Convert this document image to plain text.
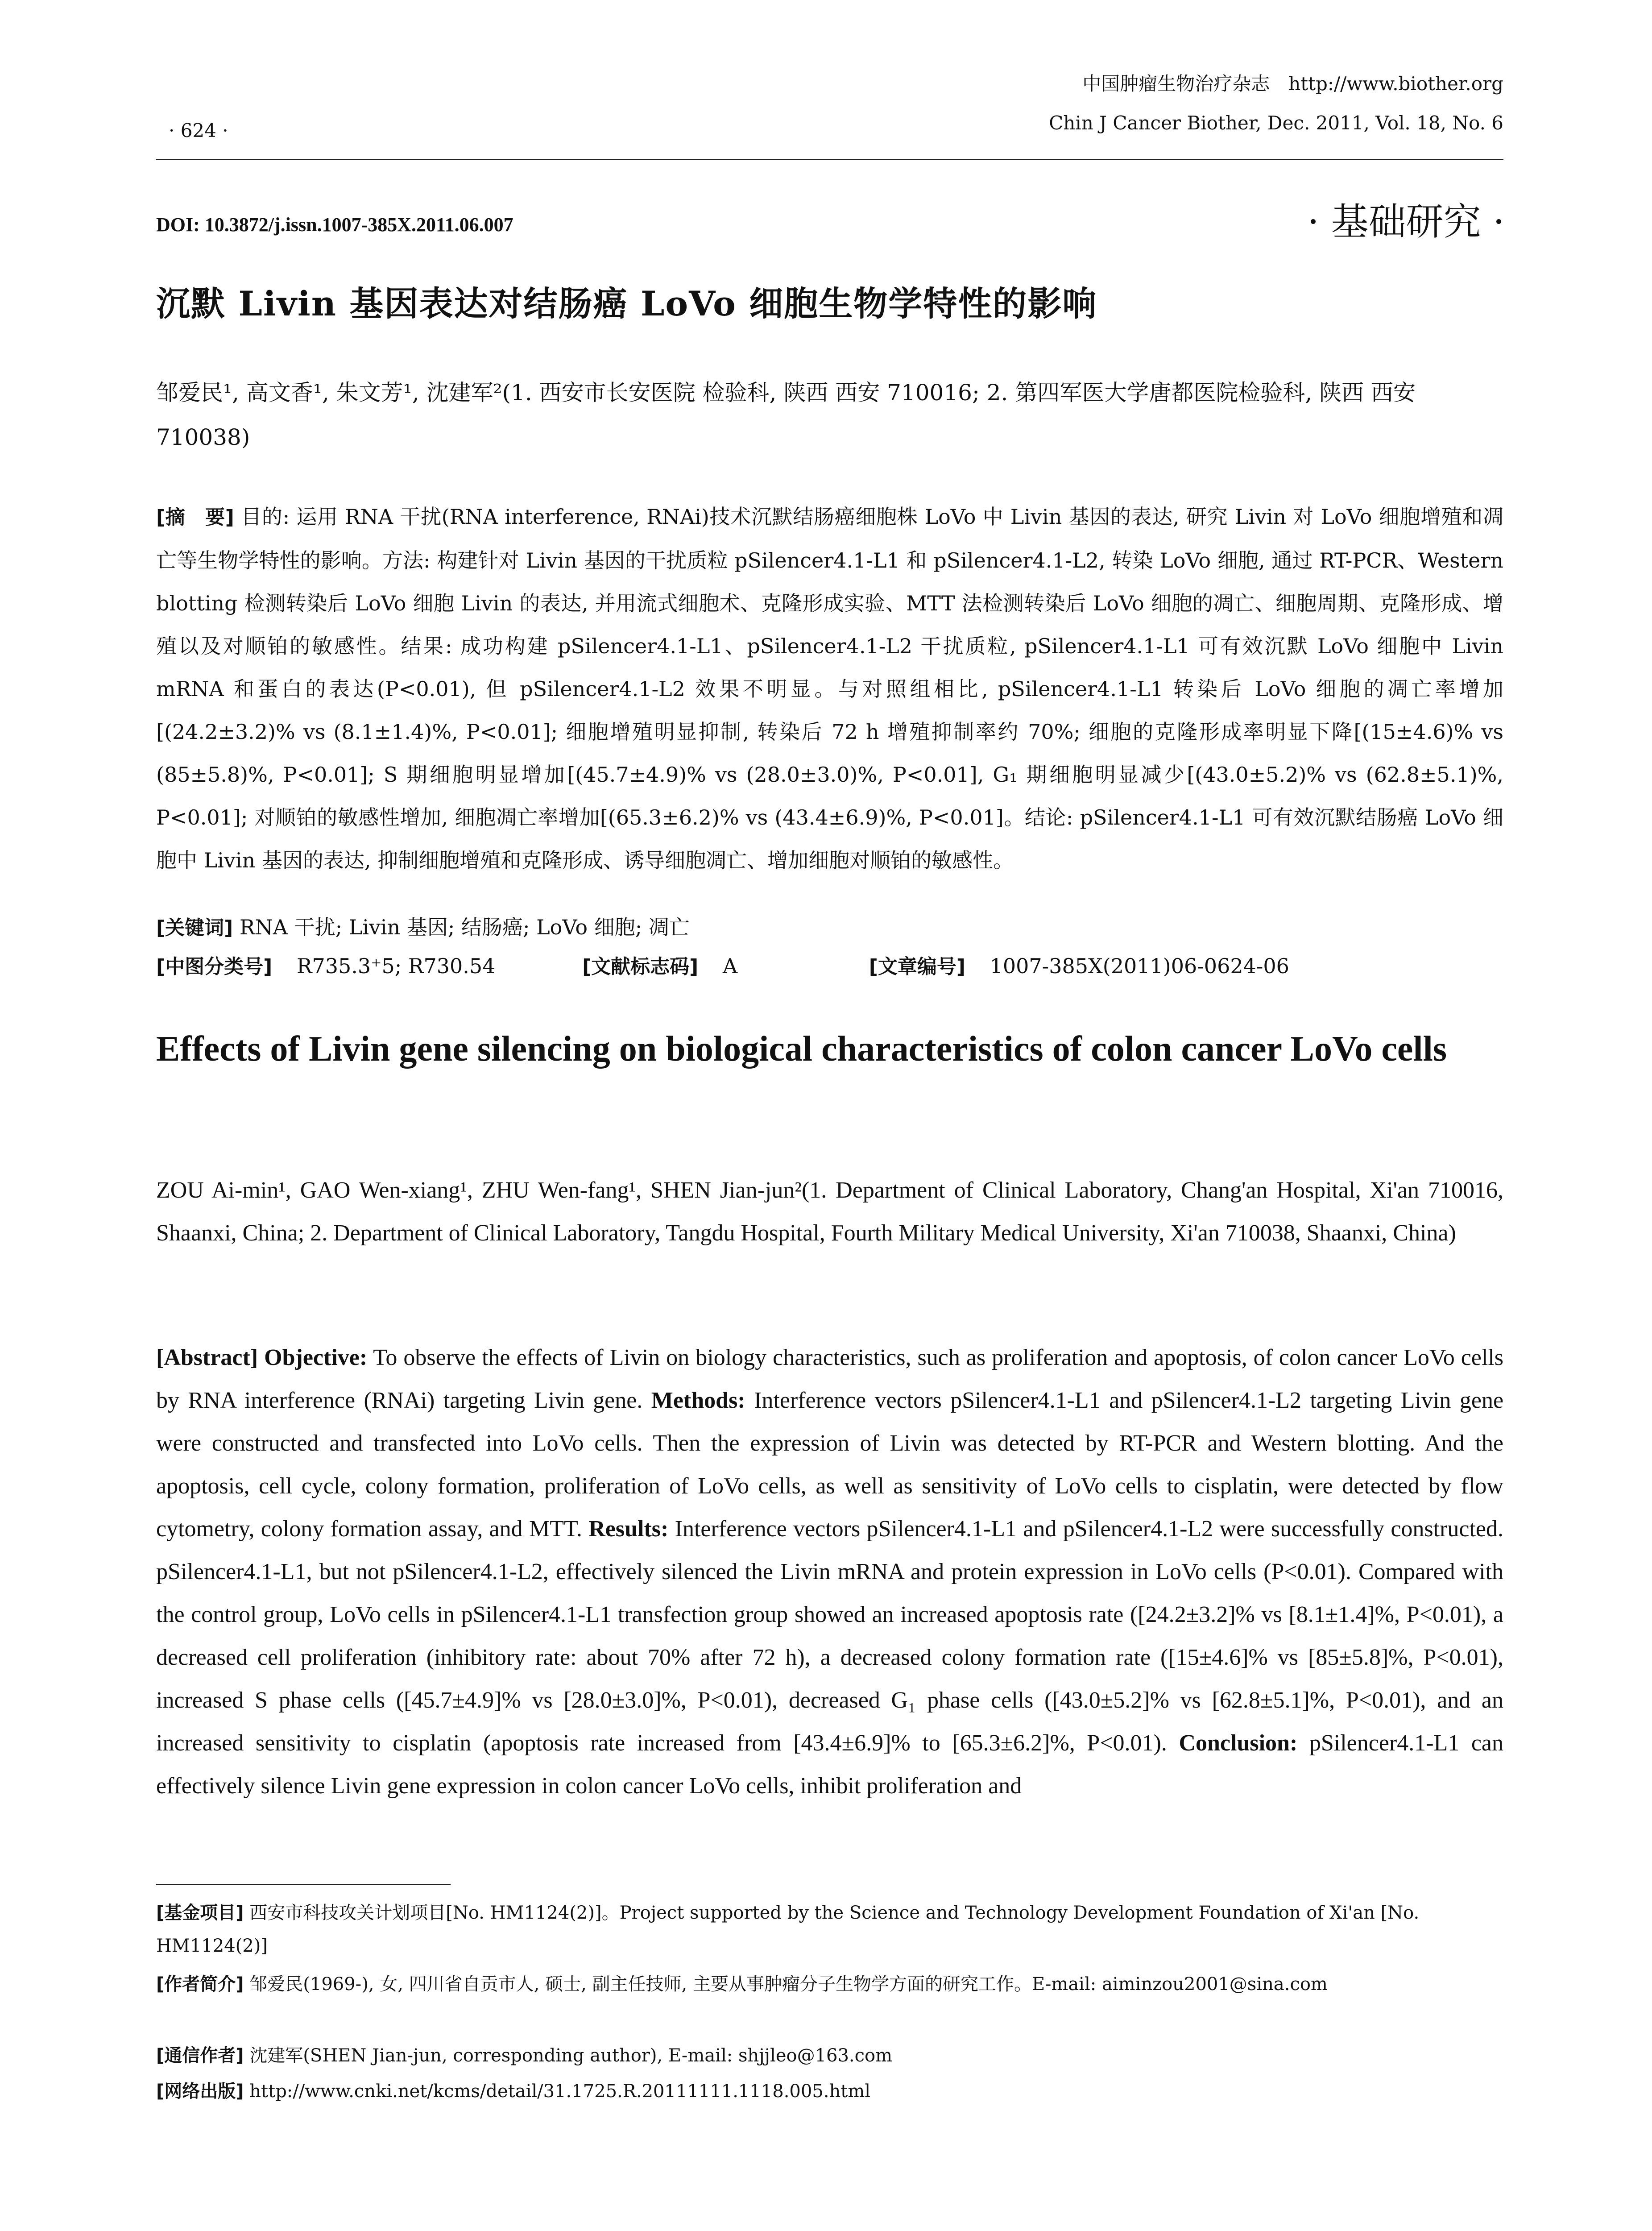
中国肿瘤生物治疗杂志　http://www.biother.org
Chin J Cancer Biother, Dec. 2011, Vol. 18, No. 6
· 624 ·
DOI: 10.3872/j.issn.1007-385X.2011.06.007	· 基础研究 ·
沉默 Livin 基因表达对结肠癌 LoVo 细胞生物学特性的影响
邹爱民¹, 高文香¹, 朱文芳¹, 沈建军²(1. 西安市长安医院 检验科, 陕西 西安 710016; 2. 第四军医大学唐都医院检验科, 陕西 西安 710038)
[摘　要] 目的: 运用 RNA 干扰(RNA interference, RNAi)技术沉默结肠癌细胞株 LoVo 中 Livin 基因的表达, 研究 Livin 对 LoVo 细胞增殖和凋亡等生物学特性的影响。方法: 构建针对 Livin 基因的干扰质粒 pSilencer4.1-L1 和 pSilencer4.1-L2, 转染 LoVo 细胞, 通过 RT-PCR、Western blotting 检测转染后 LoVo 细胞 Livin 的表达, 并用流式细胞术、克隆形成实验、MTT 法检测转染后 LoVo 细胞的凋亡、细胞周期、克隆形成、增殖以及对顺铂的敏感性。结果: 成功构建 pSilencer4.1-L1、pSilencer4.1-L2 干扰质粒, pSilencer4.1-L1 可有效沉默 LoVo 细胞中 Livin mRNA 和蛋白的表达(P<0.01), 但 pSilencer4.1-L2 效果不明显。与对照组相比, pSilencer4.1-L1 转染后 LoVo 细胞的凋亡率增加[(24.2±3.2)% vs (8.1±1.4)%, P<0.01]; 细胞增殖明显抑制, 转染后 72 h 增殖抑制率约 70%; 细胞的克隆形成率明显下降[(15±4.6)% vs (85±5.8)%, P<0.01]; S 期细胞明显增加[(45.7±4.9)% vs (28.0±3.0)%, P<0.01], G₁ 期细胞明显减少[(43.0±5.2)% vs (62.8±5.1)%, P<0.01]; 对顺铂的敏感性增加, 细胞凋亡率增加[(65.3±6.2)% vs (43.4±6.9)%, P<0.01]。结论: pSilencer4.1-L1 可有效沉默结肠癌 LoVo 细胞中 Livin 基因的表达, 抑制细胞增殖和克隆形成、诱导细胞凋亡、增加细胞对顺铂的敏感性。
[关键词] RNA 干扰; Livin 基因; 结肠癌; LoVo 细胞; 凋亡
[中图分类号] R735.3⁺5; R730.54	[文献标志码] A	[文章编号] 1007-385X(2011)06-0624-06
Effects of Livin gene silencing on biological characteristics of colon cancer LoVo cells
ZOU Ai-min¹, GAO Wen-xiang¹, ZHU Wen-fang¹, SHEN Jian-jun²(1. Department of Clinical Laboratory, Chang'an Hospital, Xi'an 710016, Shaanxi, China; 2. Department of Clinical Laboratory, Tangdu Hospital, Fourth Military Medical University, Xi'an 710038, Shaanxi, China)
[Abstract] Objective: To observe the effects of Livin on biology characteristics, such as proliferation and apoptosis, of colon cancer LoVo cells by RNA interference (RNAi) targeting Livin gene. Methods: Interference vectors pSilencer4.1-L1 and pSilencer4.1-L2 targeting Livin gene were constructed and transfected into LoVo cells. Then the expression of Livin was detected by RT-PCR and Western blotting. And the apoptosis, cell cycle, colony formation, proliferation of LoVo cells, as well as sensitivity of LoVo cells to cisplatin, were detected by flow cytometry, colony formation assay, and MTT. Results: Interference vectors pSilencer4.1-L1 and pSilencer4.1-L2 were successfully constructed. pSilencer4.1-L1, but not pSilencer4.1-L2, effectively silenced the Livin mRNA and protein expression in LoVo cells (P<0.01). Compared with the control group, LoVo cells in pSilencer4.1-L1 transfection group showed an increased apoptosis rate ([24.2±3.2]% vs [8.1±1.4]%, P<0.01), a decreased cell proliferation (inhibitory rate: about 70% after 72 h), a decreased colony formation rate ([15±4.6]% vs [85±5.8]%, P<0.01), increased S phase cells ([45.7±4.9]% vs [28.0±3.0]%, P<0.01), decreased G₁ phase cells ([43.0±5.2]% vs [62.8±5.1]%, P<0.01), and an increased sensitivity to cisplatin (apoptosis rate increased from [43.4±6.9]% to [65.3±6.2]%, P<0.01). Conclusion: pSilencer4.1-L1 can effectively silence Livin gene expression in colon cancer LoVo cells, inhibit proliferation and
[基金项目] 西安市科技攻关计划项目[No. HM1124(2)]。Project supported by the Science and Technology Development Foundation of Xi'an [No. HM1124(2)]
[作者简介] 邹爱民(1969-), 女, 四川省自贡市人, 硕士, 副主任技师, 主要从事肿瘤分子生物学方面的研究工作。E-mail: aiminzou2001@sina.com
[通信作者] 沈建军(SHEN Jian-jun, corresponding author), E-mail: shjjleo@163.com
[网络出版] http://www.cnki.net/kcms/detail/31.1725.R.20111111.1118.005.html
